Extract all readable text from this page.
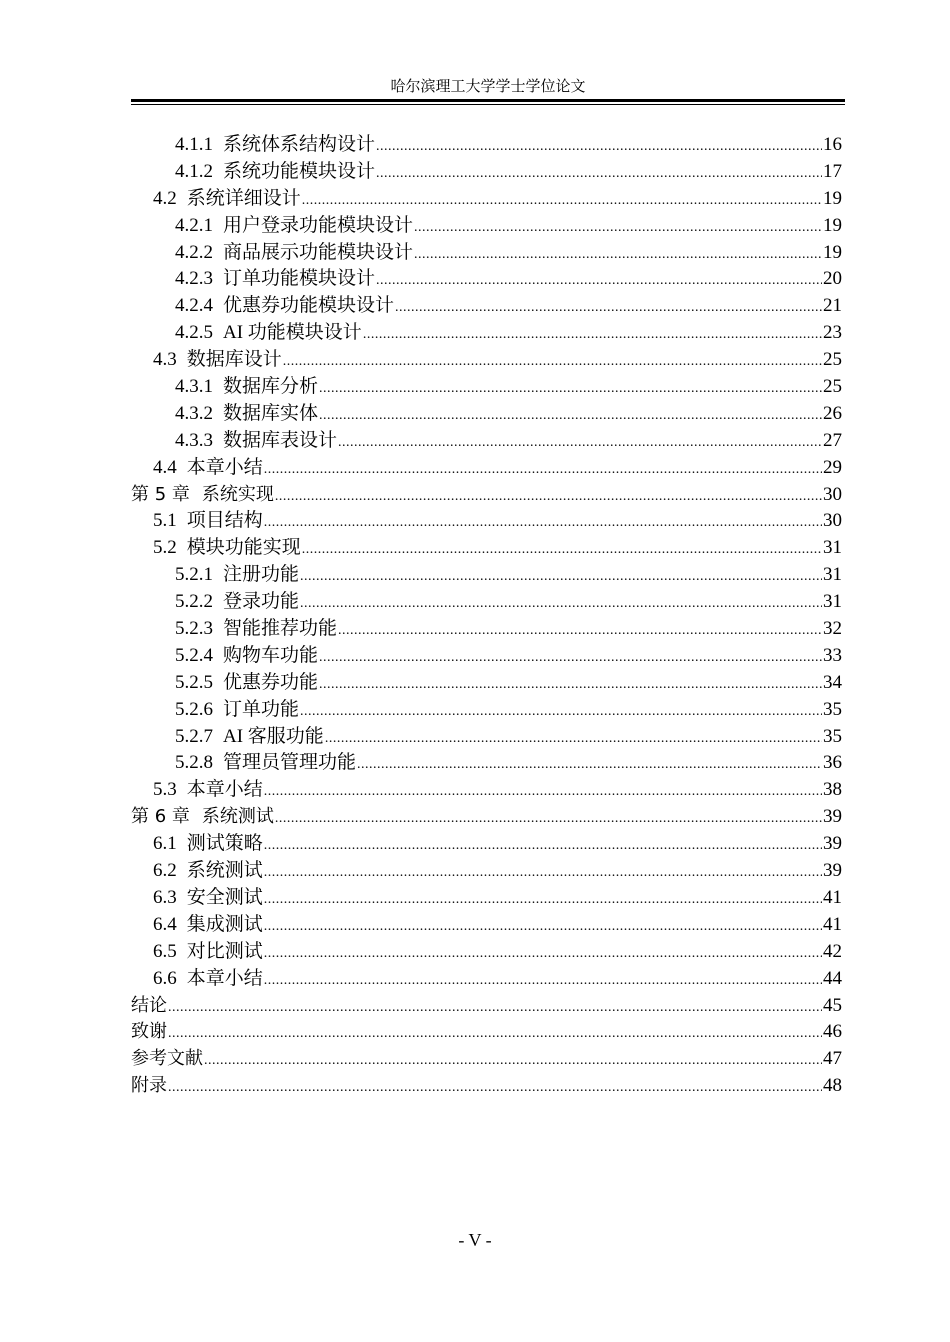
哈尔滨理工大学学士学位论文
4.1.1 系统体系结构设计 .....	16
4.1.2 系统功能模块设计 .....	17
4.2 系统详细设计 .....	19
4.2.1 用户登录功能模块设计 .....	19
4.2.2 商品展示功能模块设计 .....	19
4.2.3 订单功能模块设计 .....	20
4.2.4 优惠券功能模块设计 .....	21
4.2.5 AI 功能模块设计 .....	23
4.3 数据库设计 .....	25
4.3.1 数据库分析 .....	25
4.3.2 数据库实体 .....	26
4.3.3 数据库表设计 .....	27
4.4 本章小结 .....	29
第 5 章 系统实现 .....	30
5.1 项目结构 .....	30
5.2 模块功能实现 .....	31
5.2.1 注册功能 .....	31
5.2.2 登录功能 .....	31
5.2.3 智能推荐功能 .....	32
5.2.4 购物车功能 .....	33
5.2.5 优惠券功能 .....	34
5.2.6 订单功能 .....	35
5.2.7 AI 客服功能 .....	35
5.2.8 管理员管理功能 .....	36
5.3 本章小结 .....	38
第 6 章 系统测试 .....	39
6.1 测试策略 .....	39
6.2 系统测试 .....	39
6.3 安全测试 .....	41
6.4 集成测试 .....	41
6.5 对比测试 .....	42
6.6 本章小结 .....	44
结论 .....	45
致谢 .....	46
参考文献 .....	47
附录 .....	48
- V -
